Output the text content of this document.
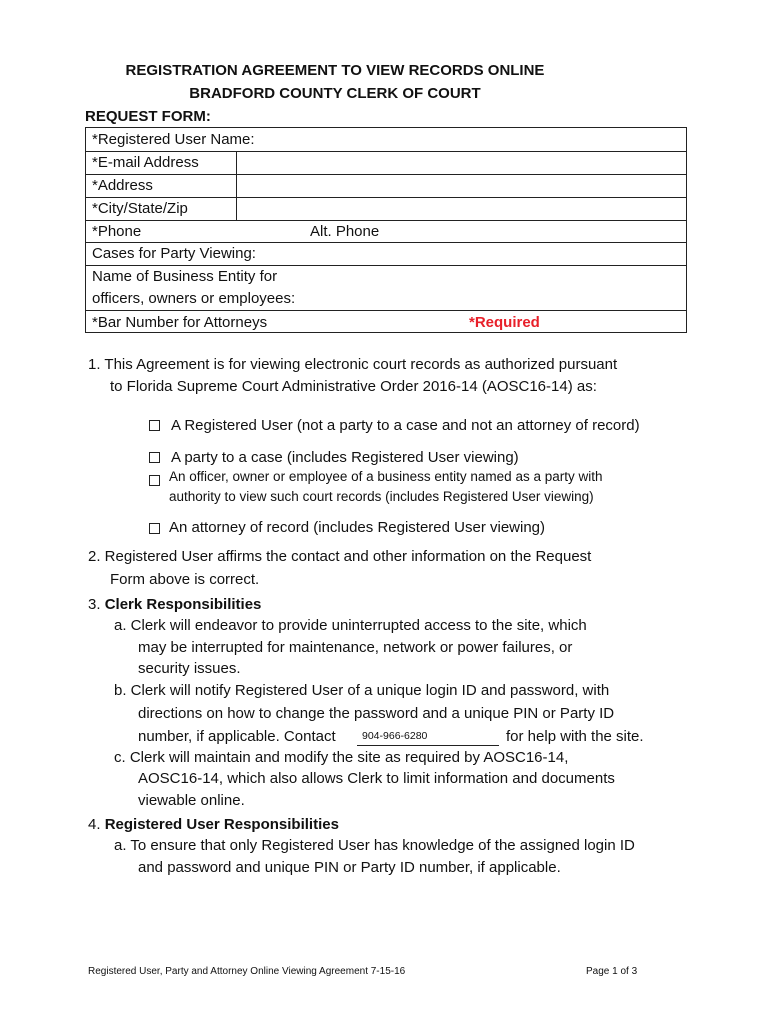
REGISTRATION AGREEMENT TO VIEW RECORDS ONLINE
BRADFORD COUNTY CLERK OF COURT
REQUEST FORM:
*Registered User Name:
*E-mail Address
*Address
*City/State/Zip
*Phone	Alt. Phone
Cases for Party Viewing:
Name of Business Entity for
officers, owners or employees:
*Bar Number for Attorneys	*Required
1. This Agreement is for viewing electronic court records as authorized pursuant
to Florida Supreme Court Administrative Order 2016-14 (AOSC16-14) as:
A Registered User (not a party to a case and not an attorney of record)
A party to a case (includes Registered User viewing)
An officer, owner or employee of a business entity named as a party with
authority to view such court records (includes Registered User viewing)
An attorney of record (includes Registered User viewing)
2. Registered User affirms the contact and other information on the Request
Form above is correct.
3. Clerk Responsibilities
a. Clerk will endeavor to provide uninterrupted access to the site, which
may be interrupted for maintenance, network or power failures, or
security issues.
b. Clerk will notify Registered User of a unique login ID and password, with
directions on how to change the password and a unique PIN or Party ID
number, if applicable. Contact	904-966-6280	for help with the site.
c. Clerk will maintain and modify the site as required by AOSC16-14,
AOSC16-14, which also allows Clerk to limit information and documents
viewable online.
4. Registered User Responsibilities
a. To ensure that only Registered User has knowledge of the assigned login ID
and password and unique PIN or Party ID number, if applicable.
Registered User, Party and Attorney Online Viewing Agreement 7-15-16	Page 1 of 3
